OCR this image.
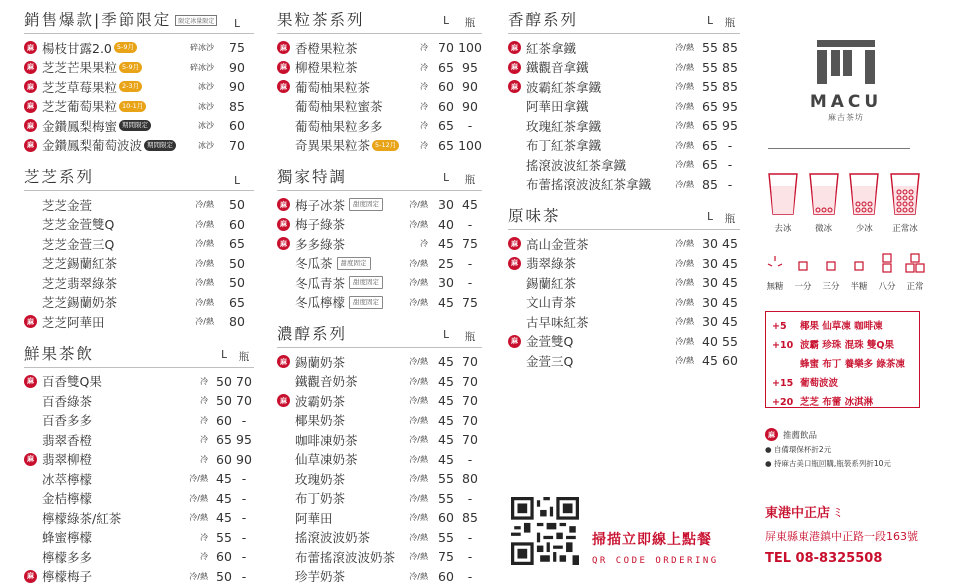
銷售爆款|季節限定	限定冰量限定	L
麻 楊枝甘露2.0 5-9月	碎冰沙	75
麻 芝芝芒果果粒 5-9月	碎冰沙	90
麻 芝芝草莓果粒 2-3月	冰沙	90
麻 芝芝葡萄果粒 10-1月	冰沙	85
麻 金鑽鳳梨梅蜜 期間限定	冰沙	60
麻 金鑽鳳梨葡萄波波 期間限定	冰沙	70
芝芝系列	L
芝芝金萱	冷/熱	50
芝芝金萱雙Q	冷/熱	60
芝芝金萱三Q	冷/熱	65
芝芝錫蘭紅茶	冷/熱	50
芝芝翡翠綠茶	冷/熱	50
芝芝錫蘭奶茶	冷/熱	65
麻 芝芝阿華田	冷/熱	80
鮮果茶飲	L	瓶
麻 百香雙Q果	冷 50 70
百香綠茶	冷 50 70
百香多多	冷 60 -
翡翠香橙	冷 65 95
麻 翡翠柳橙	冷 60 90
冰萃檸檬	冷/熱 45 -
金桔檸檬	冷/熱 45 -
檸檬綠茶/紅茶	冷/熱 45 -
蜂蜜檸檬	冷 55 -
檸檬多多	冷 60 -
麻 檸檬梅子	冷/熱 50 -
果粒茶系列	L	瓶
麻 香橙果粒茶	冷 70 100
麻 柳橙果粒茶	冷 65 95
麻 葡萄柚果粒茶	冷 60 90
葡萄柚果粒蜜茶	冷 60 90
葡萄柚果粒多多	冷 65	-
奇異果果粒茶 5-12月	冷 65 100
獨家特調	L	瓶
麻 梅子冰茶	甜度固定	冷/熱 30 45
麻 梅子綠茶	冷/熱 40	-
麻 多多綠茶	冷 45 75
冬瓜茶	甜度固定	冷/熱 25	-
冬瓜青茶	甜度固定	冷/熱 30	-
冬瓜檸檬	甜度固定	冷/熱 45 75
濃醇系列	L	瓶
麻 錫蘭奶茶	冷/熱 45 70
鐵觀音奶茶	冷/熱 45 70
麻 波霸奶茶	冷/熱 45 70
椰果奶茶	冷/熱 45 70
咖啡凍奶茶	冷/熱 45 70
仙草凍奶茶	冷/熱 45	-
玫瑰奶茶	冷/熱 55 80
布丁奶茶	冷/熱 55	-
阿華田	冷/熱 60 85
搖滾波波奶茶	冷/熱 55	-
布蕾搖滾波波奶茶 冷/熱 75	-
珍芋奶茶	冷/熱 60	-
香醇系列	L	瓶
麻 紅茶拿鐵	冷/熱 55 85
麻 鐵觀音拿鐵	冷/熱 55 85
麻 波霸紅茶拿鐵	冷/熱 55 85
阿華田拿鐵	冷/熱 65 95
玫瑰紅茶拿鐵	冷/熱 65 95
布丁紅茶拿鐵	冷/熱 65 -
搖滾波波紅茶拿鐵	冷/熱 65 -
布蕾搖滾波波紅茶拿鐵	冷/熱 85 -
原味茶	L	瓶
麻 高山金萱茶	冷/熱 30 45
麻 翡翠綠茶	冷/熱 30 45
錫蘭紅茶	冷/熱 30 45
文山青茶	冷/熱 30 45
古早味紅茶	冷/熱 30 45
麻 金萱雙Q	冷/熱 40 55
金萱三Q	冷/熱 45 60
掃描立即線上點餐
QR CODE ORDERING
MACU
麻古茶坊
去冰	微冰	少冰	正常冰
無糖 一分 三分 半糖 八分 正常
+5	椰果 仙草凍 咖啡凍
+10 波霸 珍珠 混珠 雙Q果
蜂蜜 布丁 養樂多 綠茶凍
+15 葡萄波波
+20 芝芝 布蕾 冰淇淋
麻 推薦飲品
● 自備環保杯折2元
● 持麻古美口瓶回購,瓶裝系列折10元
東港中正店 ﾐ
屏東縣東港鎮中正路一段163號
TEL 08-8325508
